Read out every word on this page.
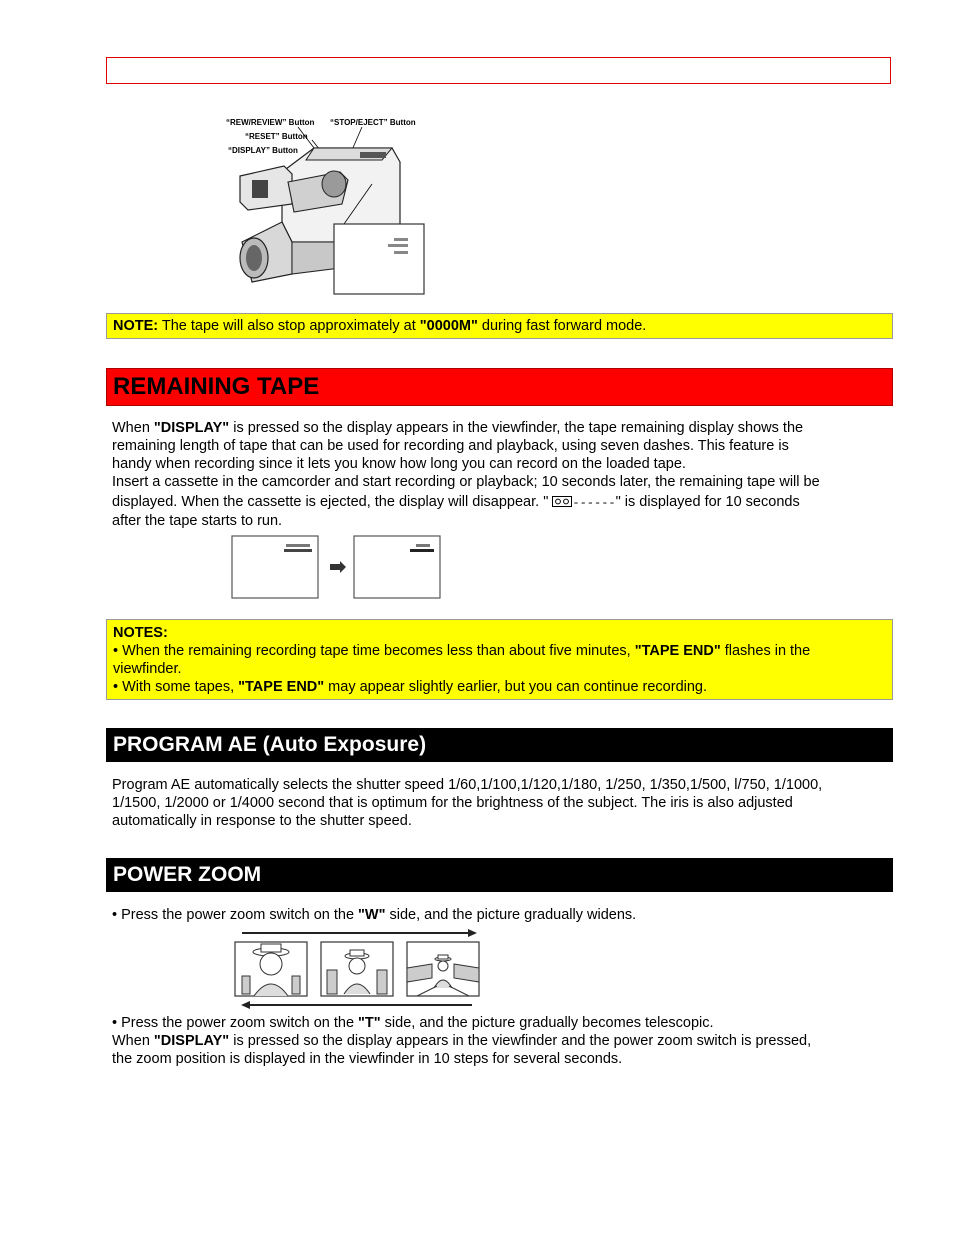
“REW/REVIEW” Button “STOP/EJECT” Button
“RESET” Button
“DISPLAY” Button
NOTE: The tape will also stop approximately at "0000M" during fast forward mode.
REMAINING TAPE
When "DISPLAY" is pressed so the display appears in the viewfinder, the tape remaining display shows the
remaining length of tape that can be used for recording and playback, using seven dashes. This feature is
handy when recording since it lets you know how long you can record on the loaded tape.
Insert a cassette in the camcorder and start recording or playback; 10 seconds later, the remaining tape will be
displayed. When the cassette is ejected, the display will disappear. " ------" is displayed for 10 seconds
after the tape starts to run.
NOTES:
• When the remaining recording tape time becomes less than about five minutes, "TAPE END" flashes in the
viewfinder.
• With some tapes, "TAPE END" may appear slightly earlier, but you can continue recording.
PROGRAM AE (Auto Exposure)
Program AE automatically selects the shutter speed 1/60,1/100,1/120,1/180, 1/250, 1/350,1/500, l/750, 1/1000,
1/1500, 1/2000 or 1/4000 second that is optimum for the brightness of the subject. The iris is also adjusted
automatically in response to the shutter speed.
POWER ZOOM
• Press the power zoom switch on the "W" side, and the picture gradually widens.
• Press the power zoom switch on the "T" side, and the picture gradually becomes telescopic.
When "DISPLAY" is pressed so the display appears in the viewfinder and the power zoom switch is pressed,
the zoom position is displayed in the viewfinder in 10 steps for several seconds.
